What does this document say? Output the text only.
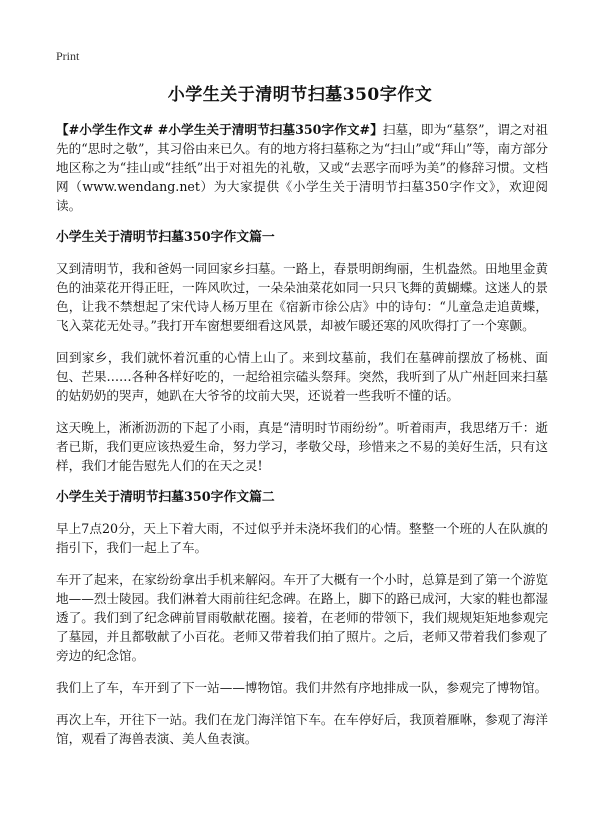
Print
小学生关于清明节扫墓350字作文

【#小学生作文# #小学生关于清明节扫墓350字作文#】扫墓，即为“墓祭”，谓之对祖先的“思时之敬”，其习俗由来已久。有的地方将扫墓称之为“扫山”或“拜山”等，南方部分地区称之为“挂山或“挂纸”出于对祖先的礼敬，又或“去恶字而呼为美”的修辞习惯。文档网（www.wendang.net）为大家提供《小学生关于清明节扫墓350字作文》，欢迎阅读。

小学生关于清明节扫墓350字作文篇一

又到清明节，我和爸妈一同回家乡扫墓。一路上，春景明朗绚丽，生机盎然。田地里金黄色的油菜花开得正旺，一阵风吹过，一朵朵油菜花如同一只只飞舞的黄蝴蝶。这迷人的景色，让我不禁想起了宋代诗人杨万里在《宿新市徐公店》中的诗句：“儿童急走追黄蝶，飞入菜花无处寻。”我打开车窗想要细看这风景，却被乍暖还寒的风吹得打了一个寒颤。

回到家乡，我们就怀着沉重的心情上山了。来到坟墓前，我们在墓碑前摆放了杨桃、面包、芒果……各种各样好吃的，一起给祖宗磕头祭拜。突然，我听到了从广州赶回来扫墓的姑奶奶的哭声，她趴在大爷爷的坟前大哭，还说着一些我听不懂的话。

这天晚上，淅淅沥沥的下起了小雨，真是“清明时节雨纷纷”。听着雨声，我思绪万千：逝者已斯，我们更应该热爱生命，努力学习，孝敬父母，珍惜来之不易的美好生活，只有这样，我们才能告慰先人们的在天之灵!

小学生关于清明节扫墓350字作文篇二

早上7点20分，天上下着大雨，不过似乎并未浇坏我们的心情。整整一个班的人在队旗的指引下，我们一起上了车。

车开了起来，在家纷纷拿出手机来解闷。车开了大概有一个小时，总算是到了第一个游览地——烈士陵园。我们淋着大雨前往纪念碑。在路上，脚下的路已成河，大家的鞋也都湿透了。我们到了纪念碑前冒雨敬献花圈。接着，在老师的带领下，我们规规矩矩地参观完了墓园，并且都敬献了小百花。老师又带着我们拍了照片。之后，老师又带着我们参观了旁边的纪念馆。

我们上了车，车开到了下一站——博物馆。我们井然有序地排成一队，参观完了博物馆。

再次上车，开往下一站。我们在龙门海洋馆下车。在车停好后，我顶着雁咻，参观了海洋馆，观看了海兽表演、美人鱼表演。
